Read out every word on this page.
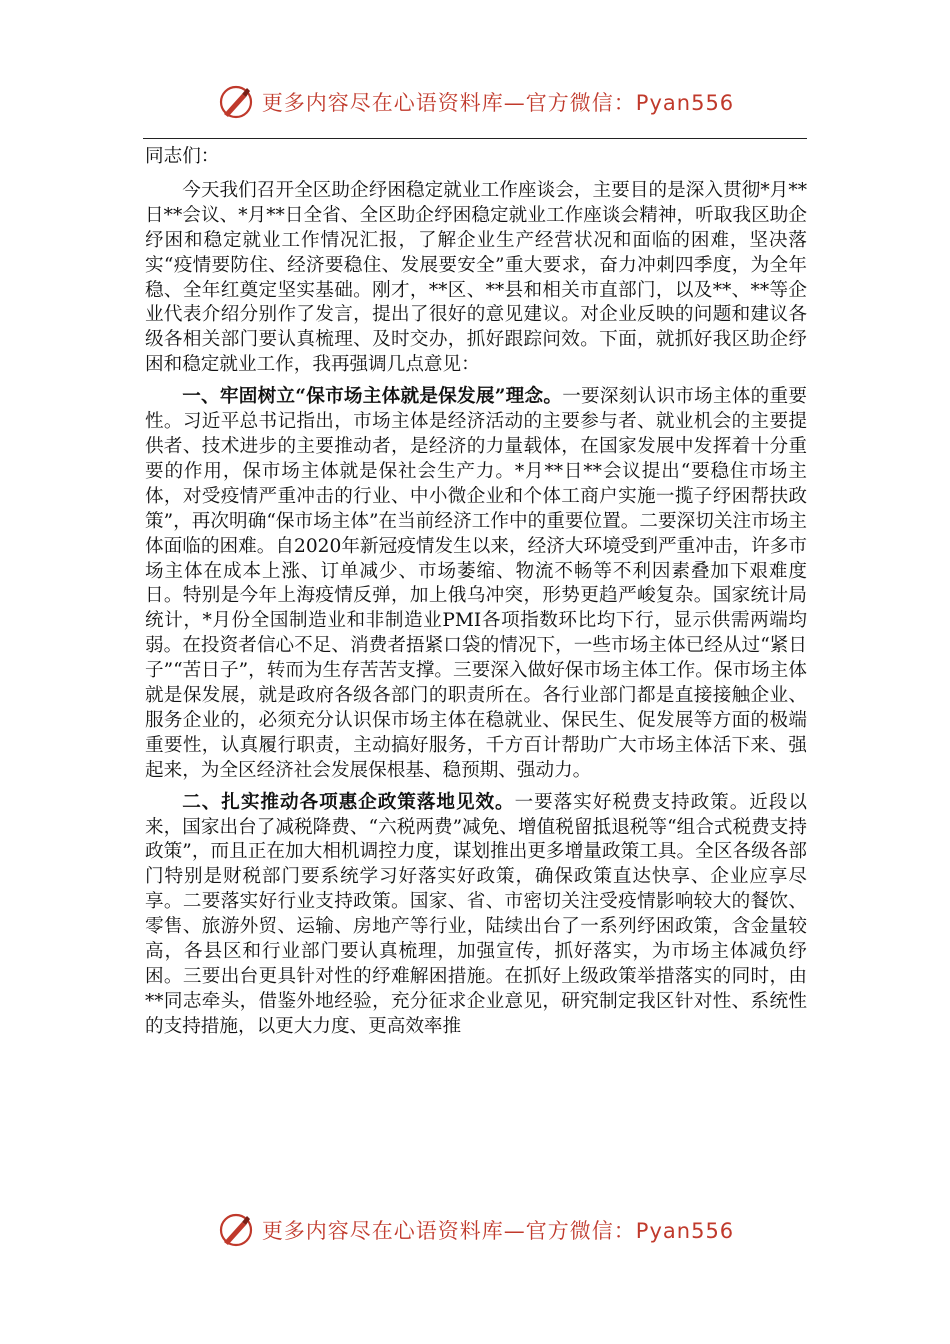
更多内容尽在心语资料库—官方微信：Pyan556

同志们：

今天我们召开全区助企纾困稳定就业工作座谈会，主要目的是深入贯彻*月**日**会议、*月**日全省、全区助企纾困稳定就业工作座谈会精神，听取我区助企纾困和稳定就业工作情况汇报，了解企业生产经营状况和面临的困难，坚决落实“疫情要防住、经济要稳住、发展要安全”重大要求，奋力冲刺四季度，为全年稳、全年红奠定坚实基础。刚才，**区、**县和相关市直部门，以及**、**等企业代表介绍分别作了发言，提出了很好的意见建议。对企业反映的问题和建议各级各相关部门要认真梳理、及时交办，抓好跟踪问效。下面，就抓好我区助企纾困和稳定就业工作，我再强调几点意见：

一、牢固树立“保市场主体就是保发展”理念。一要深刻认识市场主体的重要性。习近平总书记指出，市场主体是经济活动的主要参与者、就业机会的主要提供者、技术进步的主要推动者，是经济的力量载体，在国家发展中发挥着十分重要的作用，保市场主体就是保社会生产力。*月**日**会议提出“要稳住市场主体，对受疫情严重冲击的行业、中小微企业和个体工商户实施一揽子纾困帮扶政策”，再次明确“保市场主体”在当前经济工作中的重要位置。二要深切关注市场主体面临的困难。自2020年新冠疫情发生以来，经济大环境受到严重冲击，许多市场主体在成本上涨、订单减少、市场萎缩、物流不畅等不利因素叠加下艰难度日。特别是今年上海疫情反弹，加上俄乌冲突，形势更趋严峻复杂。国家统计局统计，*月份全国制造业和非制造业PMI各项指数环比均下行，显示供需两端均弱。在投资者信心不足、消费者捂紧口袋的情况下，一些市场主体已经从过“紧日子”“苦日子”，转而为生存苦苦支撑。三要深入做好保市场主体工作。保市场主体就是保发展，就是政府各级各部门的职责所在。各行业部门都是直接接触企业、服务企业的，必须充分认识保市场主体在稳就业、保民生、促发展等方面的极端重要性，认真履行职责，主动搞好服务，千方百计帮助广大市场主体活下来、强起来，为全区经济社会发展保根基、稳预期、强动力。

二、扎实推动各项惠企政策落地见效。一要落实好税费支持政策。近段以来，国家出台了减税降费、“六税两费”减免、增值税留抵退税等“组合式税费支持政策”，而且正在加大相机调控力度，谋划推出更多增量政策工具。全区各级各部门特别是财税部门要系统学习好落实好政策，确保政策直达快享、企业应享尽享。二要落实好行业支持政策。国家、省、市密切关注受疫情影响较大的餐饮、零售、旅游外贸、运输、房地产等行业，陆续出台了一系列纾困政策，含金量较高，各县区和行业部门要认真梳理，加强宣传，抓好落实，为市场主体减负纾困。三要出台更具针对性的纾难解困措施。在抓好上级政策举措落实的同时，由**同志牵头，借鉴外地经验，充分征求企业意见，研究制定我区针对性、系统性的支持措施，以更大力度、更高效率推

更多内容尽在心语资料库—官方微信：Pyan556
